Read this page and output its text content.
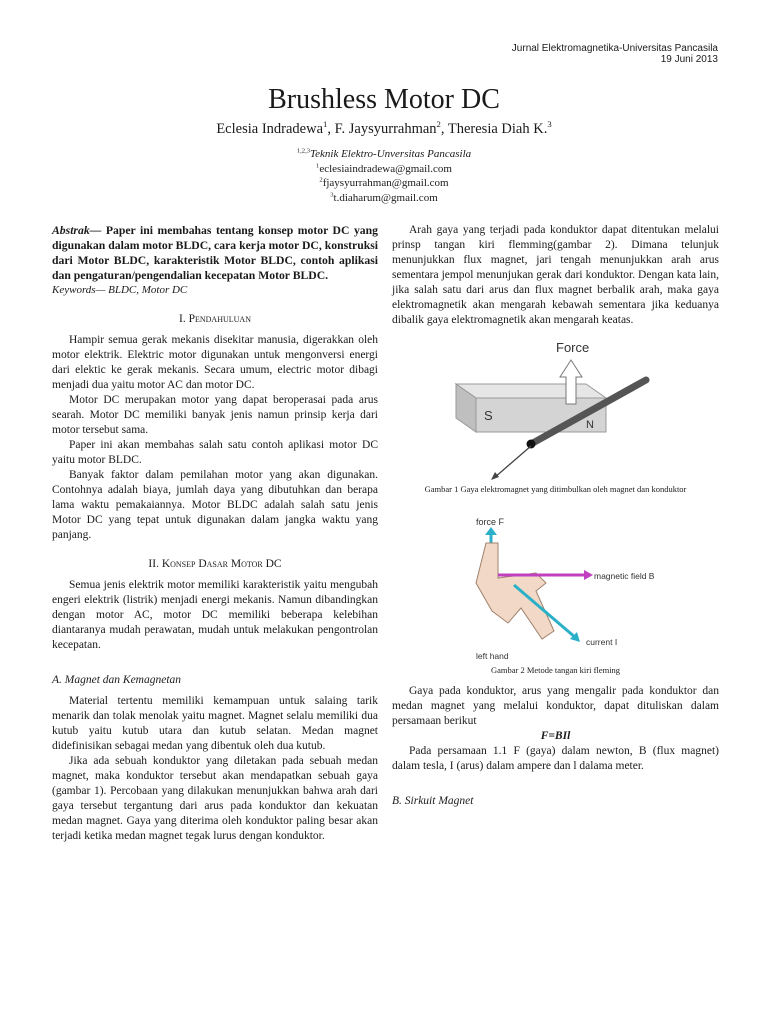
Jurnal Elektromagnetika-Universitas Pancasila
19 Juni 2013
Brushless Motor DC
Eclesia Indradewa$^1$, F. Jaysyurrahman$^2$, Theresia Diah K.$^3$
$^{1,2,3}$Teknik Elektro-Unversitas Pancasila
$^1$eclesiaindradewa@gmail.com
$^2$fjaysyurrahman@gmail.com
$^3$t.diaharum@gmail.com

Abstrak— Paper ini membahas tentang konsep motor DC yang digunakan dalam motor BLDC, cara kerja motor DC, konstruksi dari Motor BLDC, karakteristik Motor BLDC, contoh aplikasi dan pengaturan/pengendalian kecepatan Motor BLDC.

Keywords— BLDC, Motor DC

I. Pendahuluan

Hampir semua gerak mekanis disekitar manusia, digerakkan oleh motor elektrik. Elektric motor digunakan untuk mengonversi energi dari elektic ke gerak mekanis. Secara umum, electric motor dibagi menjadi dua yaitu motor AC dan motor DC.

Motor DC merupakan motor yang dapat beroperasai pada arus searah. Motor DC memiliki banyak jenis namun prinsip kerja dari motor tersebut sama.

Paper ini akan membahas salah satu contoh aplikasi motor DC yaitu motor BLDC.

Banyak faktor dalam pemilahan motor yang akan digunakan. Contohnya adalah biaya, jumlah daya yang dibutuhkan dan berapa lama waktu pemakaiannya. Motor BLDC adalah salah satu jenis Motor DC yang tepat untuk digunakan dalam jangka waktu yang panjang.

II. Konsep Dasar Motor DC

Semua jenis elektrik motor memiliki karakteristik yaitu mengubah engeri elektrik (listrik) menjadi energi mekanis. Namun dibandingkan dengan motor AC, motor DC memiliki beberapa kelebihan diantaranya mudah perawatan, mudah untuk melakukan pengontrolan kecepatan.

A. Magnet dan Kemagnetan

Material tertentu memiliki kemampuan untuk salaing tarik menarik dan tolak menolak yaitu magnet. Magnet selalu memiliki dua kutub yaitu kutub utara dan kutub selatan. Medan magnet didefinisikan sebagai medan yang dibentuk oleh dua kutub.

Jika ada sebuah konduktor yang diletakan pada sebuah medan magnet, maka konduktor tersebut akan mendapatkan sebuah gaya (gambar 1). Percobaan yang dilakukan menunjukkan bahwa arah dari gaya tersebut tergantung dari arus pada konduktor dan kekuatan medan magnet. Gaya yang diterima oleh konduktor paling besar akan terjadi ketika medan magnet tegak lurus dengan konduktor.

Arah gaya yang terjadi pada konduktor dapat ditentukan melalui prinsp tangan kiri flemming(gambar 2). Dimana telunjuk menunjukkan flux magnet, jari tengah menunjukkan arah arus sementara jempol menunjukan gerak dari konduktor. Dengan kata lain, jika salah satu dari arus dan flux magnet berbalik arah, maka gaya elektromagnetik akan mengarah kebawah sementara jika keduanya dibalik gaya elektromagnetik akan mengarah keatas.

Force
S
N

Gambar 1 Gaya elektromagnet yang ditimbulkan oleh magnet dan konduktor

force F
magnetic field B
current I
left hand

Gambar 2 Metode tangan kiri fleming

Gaya pada konduktor, arus yang mengalir pada konduktor dan medan magnet yang melalui konduktor, dapat dituliskan dalam persamaan berikut

F=BIl

Pada persamaan 1.1 F (gaya) dalam newton, B (flux magnet) dalam tesla, I (arus) dalam ampere dan l dalama meter.

B. Sirkuit Magnet
